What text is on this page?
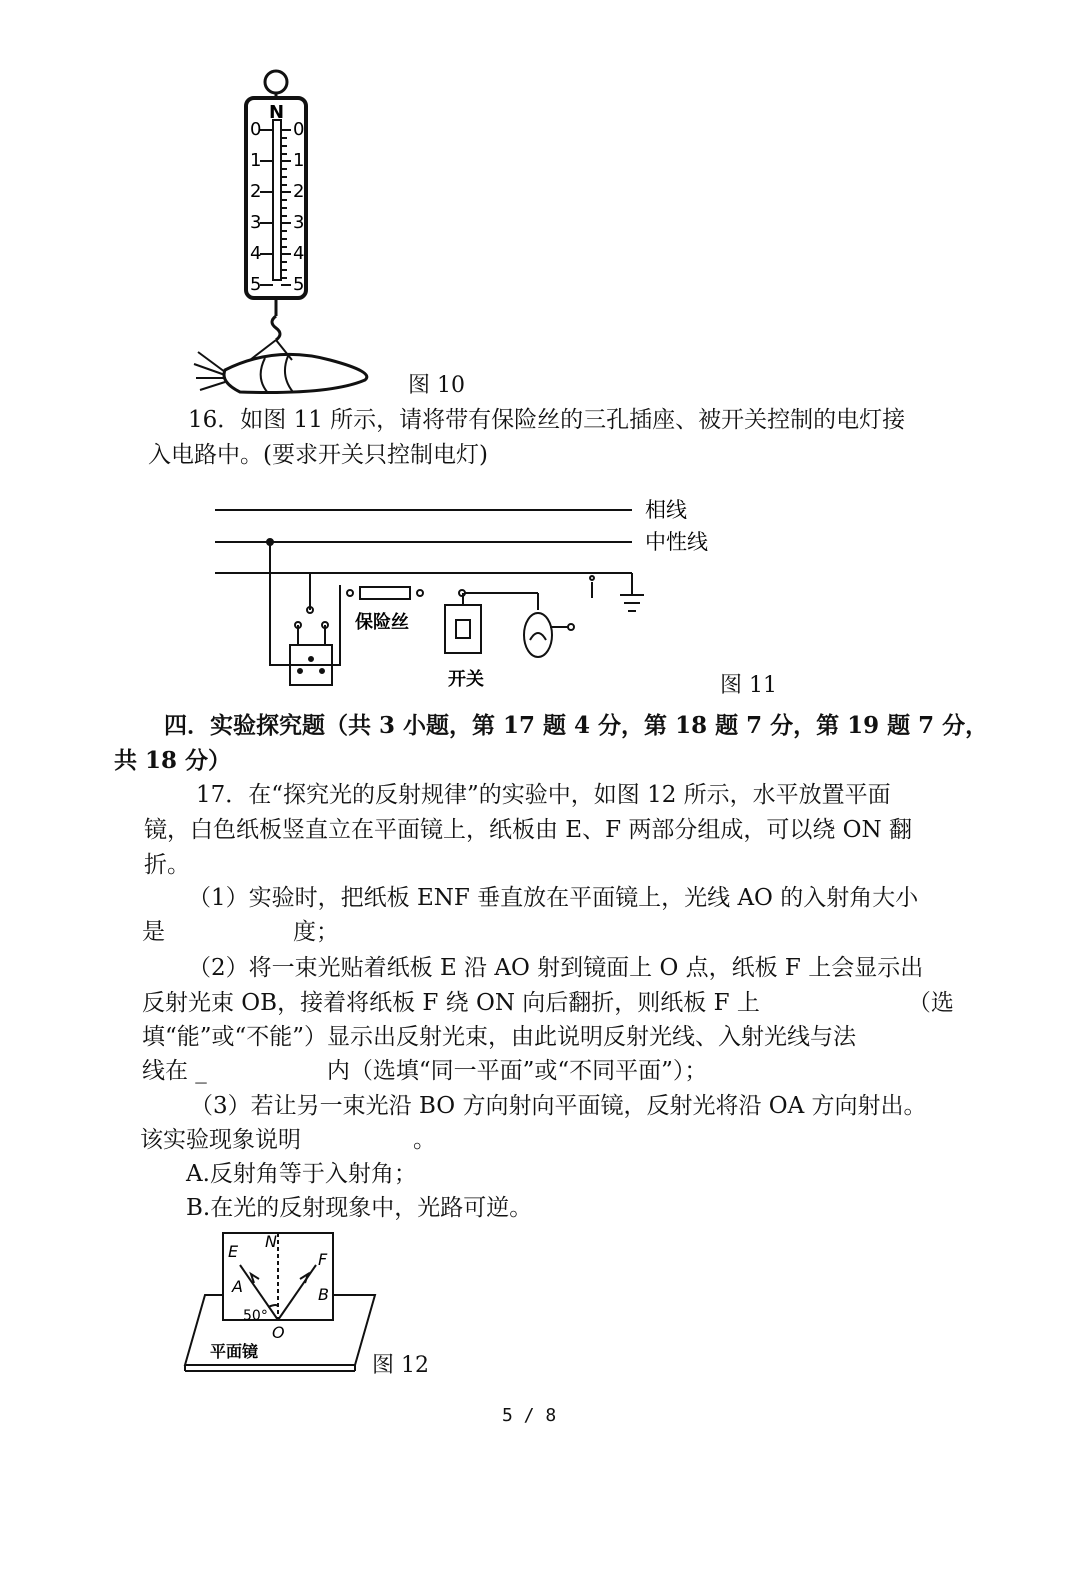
N
0
1
2
3
4
5
0
1
2
3
4
5
图 10
16．如图 11 所示，请将带有保险丝的三孔插座、被开关控制的电灯接
入电路中。(要求开关只控制电灯)
相线
中性线
保险丝
开关	图 11
四．实验探究题（共 3 小题，第 17 题 4 分，第 18 题 7 分，第 19 题 7 分，
共 18 分）
17．在“探究光的反射规律”的实验中，如图 12 所示，水平放置平面
镜，白色纸板竖直立在平面镜上，纸板由 E、F 两部分组成，可以绕 ON 翻
折。
（1）实验时，把纸板 ENF 垂直放在平面镜上，光线 AO 的入射角大小
是	度；
（2）将一束光贴着纸板 E 沿 AO 射到镜面上 O 点，纸板 F 上会显示出
反射光束 OB，接着将纸板 F 绕 ON 向后翻折，则纸板 F 上	（选
填“能”或“不能”）显示出反射光束，由此说明反射光线、入射光线与法
线在 _	内（选填“同一平面”或“不同平面”）；
（3）若让另一束光沿 BO 方向射向平面镜，反射光将沿 OA 方向射出。
该实验现象说明	。
A.反射角等于入射角；
B.在光的反射现象中，光路可逆。
E
N
F
A	B
50°
O
平面镜
图 12
5 / 8
